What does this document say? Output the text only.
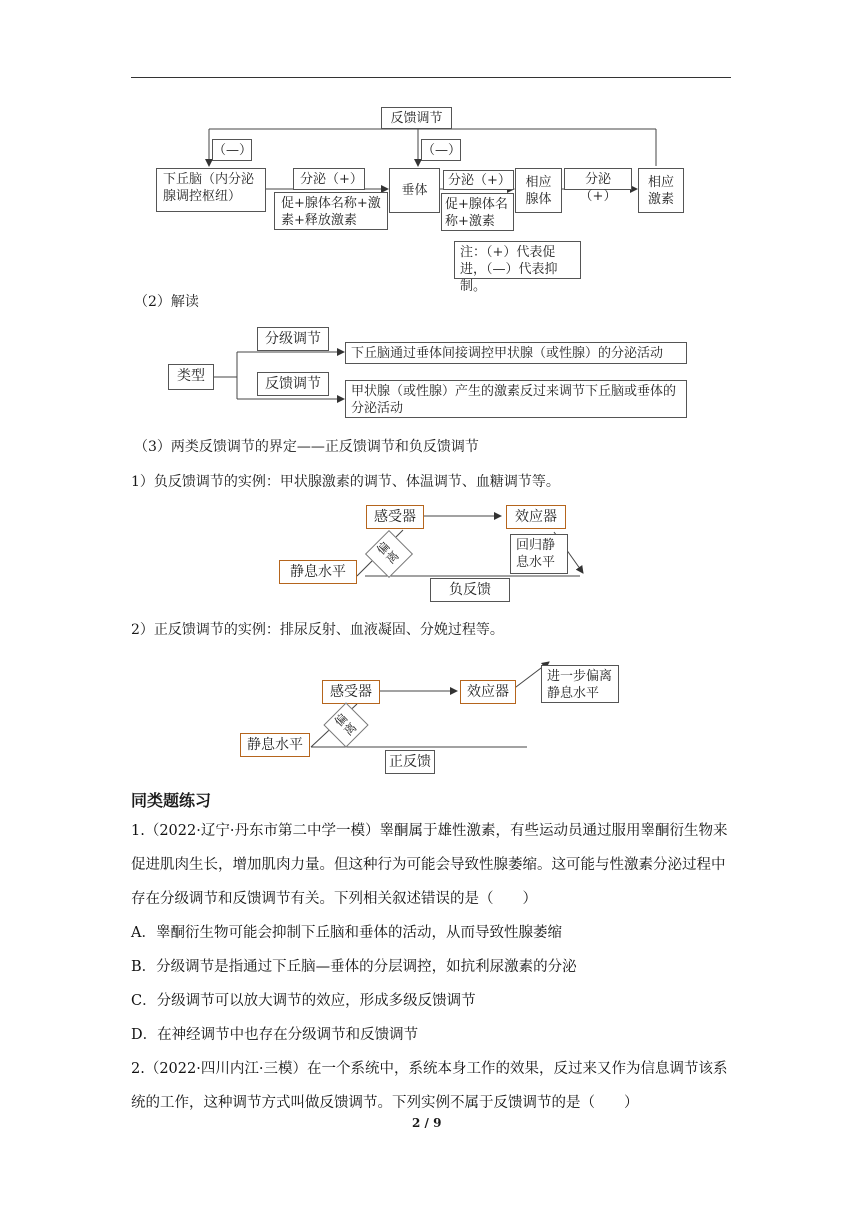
反馈调节
（—）	（—）
下丘脑（内分泌腺调控枢纽）
分泌（+）
促+腺体名称+激素+释放激素
垂体
分泌（+）
促+腺体名称+激素
相应腺体
分泌（+）
相应激素
注：（+）代表促进，（—）代表抑制。
（2）解读
类型
分级调节
下丘脑通过垂体间接调控甲状腺（或性腺）的分泌活动
反馈调节	甲状腺（或性腺）产生的激素反过来调节下丘脑或垂体的分泌活动
（3）两类反馈调节的界定——正反馈调节和负反馈调节
1）负反馈调节的实例：甲状腺激素的调节、体温调节、血糖调节等。
感受器	效应器
偏离
回归静息水平
静息水平
负反馈
2）正反馈调节的实例：排尿反射、血液凝固、分娩过程等。
感受器	效应器
偏离
进一步偏离静息水平
静息水平
正反馈
同类题练习
1.（2022·辽宁·丹东市第二中学一模）睾酮属于雄性激素，有些运动员通过服用睾酮衍生物来促进肌肉生长，增加肌肉力量。但这种行为可能会导致性腺萎缩。这可能与性激素分泌过程中存在分级调节和反馈调节有关。下列相关叙述错误的是（　　）
A．睾酮衍生物可能会抑制下丘脑和垂体的活动，从而导致性腺萎缩
B．分级调节是指通过下丘脑—垂体的分层调控，如抗利尿激素的分泌
C．分级调节可以放大调节的效应，形成多级反馈调节
D．在神经调节中也存在分级调节和反馈调节
2.（2022·四川内江·三模）在一个系统中，系统本身工作的效果，反过来又作为信息调节该系统的工作，这种调节方式叫做反馈调节。下列实例不属于反馈调节的是（　　）
2 / 9
